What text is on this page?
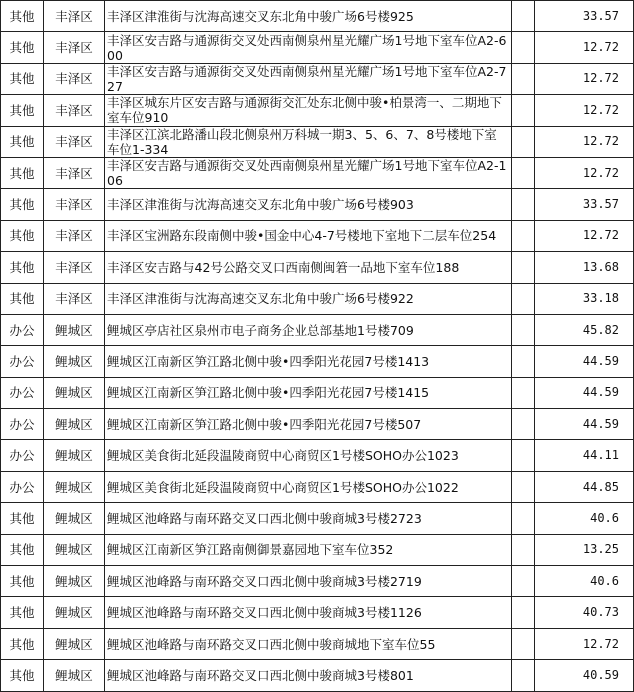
其他	丰泽区	丰泽区津淮街与沈海高速交叉东北角中骏广场6号楼925		33.57
其他	丰泽区	丰泽区安吉路与通源街交叉处西南侧泉州星光耀广场1号地下室车位A2-600		12.72
其他	丰泽区	丰泽区安吉路与通源街交叉处西南侧泉州星光耀广场1号地下室车位A2-727		12.72
其他	丰泽区	丰泽区城东片区安吉路与通源街交汇处东北侧中骏•柏景湾一、二期地下室车位910		12.72
其他	丰泽区	丰泽区江滨北路潘山段北侧泉州万科城一期3、5、6、7、8号楼地下室车位1-334		12.72
其他	丰泽区	丰泽区安吉路与通源街交叉处西南侧泉州星光耀广场1号地下室车位A2-106		12.72
其他	丰泽区	丰泽区津淮街与沈海高速交叉东北角中骏广场6号楼903		33.57
其他	丰泽区	丰泽区宝洲路东段南侧中骏•国金中心4-7号楼地下室地下二层车位254		12.72
其他	丰泽区	丰泽区安吉路与42号公路交叉口西南侧闽䇹一品地下室车位188		13.68
其他	丰泽区	丰泽区津淮街与沈海高速交叉东北角中骏广场6号楼922		33.18
办公	鲤城区	鲤城区亭店社区泉州市电子商务企业总部基地1号楼709		45.82
办公	鲤城区	鲤城区江南新区笋江路北侧中骏•四季阳光花园7号楼1413		44.59
办公	鲤城区	鲤城区江南新区笋江路北侧中骏•四季阳光花园7号楼1415		44.59
办公	鲤城区	鲤城区江南新区笋江路北侧中骏•四季阳光花园7号楼507		44.59
办公	鲤城区	鲤城区美食街北延段温陵商贸中心商贸区1号楼SOHO办公1023		44.11
办公	鲤城区	鲤城区美食街北延段温陵商贸中心商贸区1号楼SOHO办公1022		44.85
其他	鲤城区	鲤城区池峰路与南环路交叉口西北侧中骏商城3号楼2723		40.6
其他	鲤城区	鲤城区江南新区笋江路南侧御景嘉园地下室车位352		13.25
其他	鲤城区	鲤城区池峰路与南环路交叉口西北侧中骏商城3号楼2719		40.6
其他	鲤城区	鲤城区池峰路与南环路交叉口西北侧中骏商城3号楼1126		40.73
其他	鲤城区	鲤城区池峰路与南环路交叉口西北侧中骏商城地下室车位55		12.72
其他	鲤城区	鲤城区池峰路与南环路交叉口西北侧中骏商城3号楼801		40.59
